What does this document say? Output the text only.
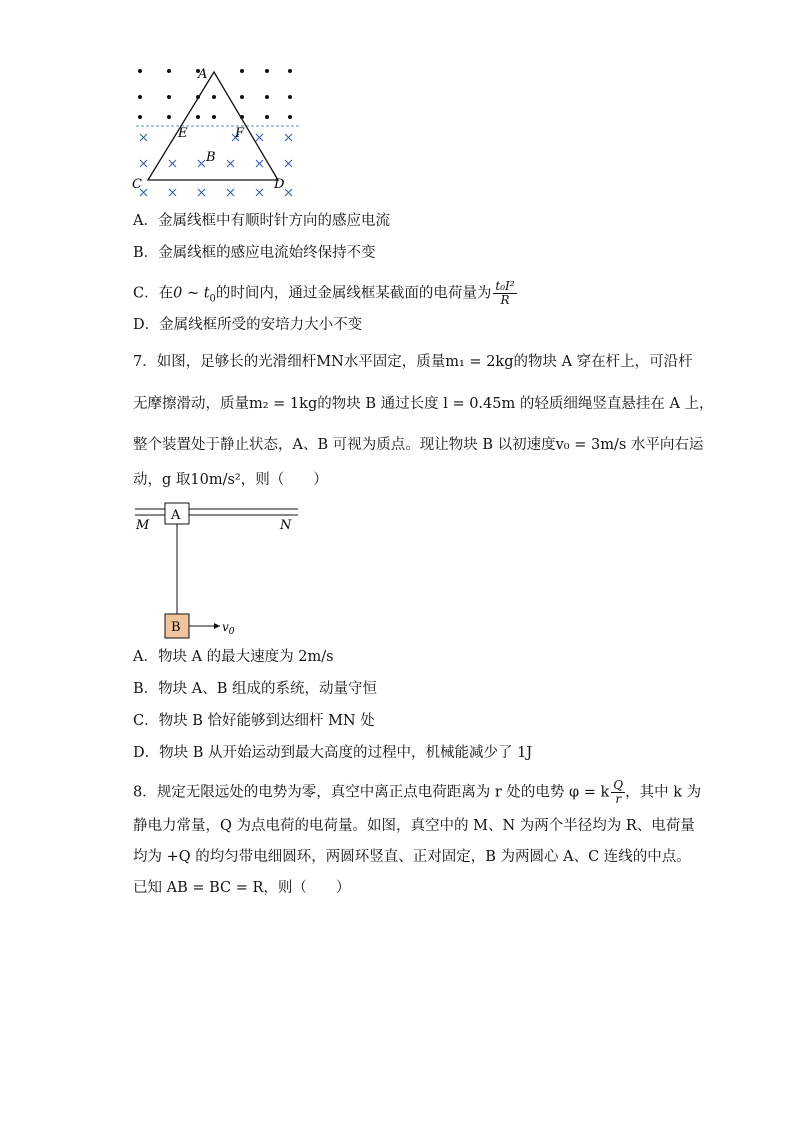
A
E	F
B
C	D
A．金属线框中有顺时针方向的感应电流
B．金属线框的感应电流始终保持不变
C．在0 ~ $t_0$的时间内，通过金属线框某截面的电荷量为 $\frac{\text{t₀I²}}{R}$
D．金属线框所受的安培力大小不变
7．如图，足够长的光滑细杆MN水平固定，质量m₁ = 2kg的物块 A 穿在杆上，可沿杆
无摩擦滑动，质量m₂ = 1kg的物块 B 通过长度 l = 0.45m 的轻质细绳竖直悬挂在 A 上，
整个装置处于静止状态，A、B 可视为质点。现让物块 B 以初速度v₀ = 3m/s 水平向右运
动，g 取10m/s²，则（　　）
M	N
A
B	$v_0$
A．物块 A 的最大速度为 2m/s
B．物块 A、B 组成的系统，动量守恒
C．物块 B 恰好能够到达细杆 MN 处
D．物块 B 从开始运动到最大高度的过程中，机械能减少了 1J
8．规定无限远处的电势为零，真空中离正点电荷距离为 r 处的电势 φ = k $\frac{Q}{r}$ ，其中 k 为
静电力常量，Q 为点电荷的电荷量。如图，真空中的 M、N 为两个半径均为 R、电荷量
均为 +Q 的均匀带电细圆环，两圆环竖直、正对固定，B 为两圆心 A、C 连线的中点。
已知 AB = BC = R，则（　　）
